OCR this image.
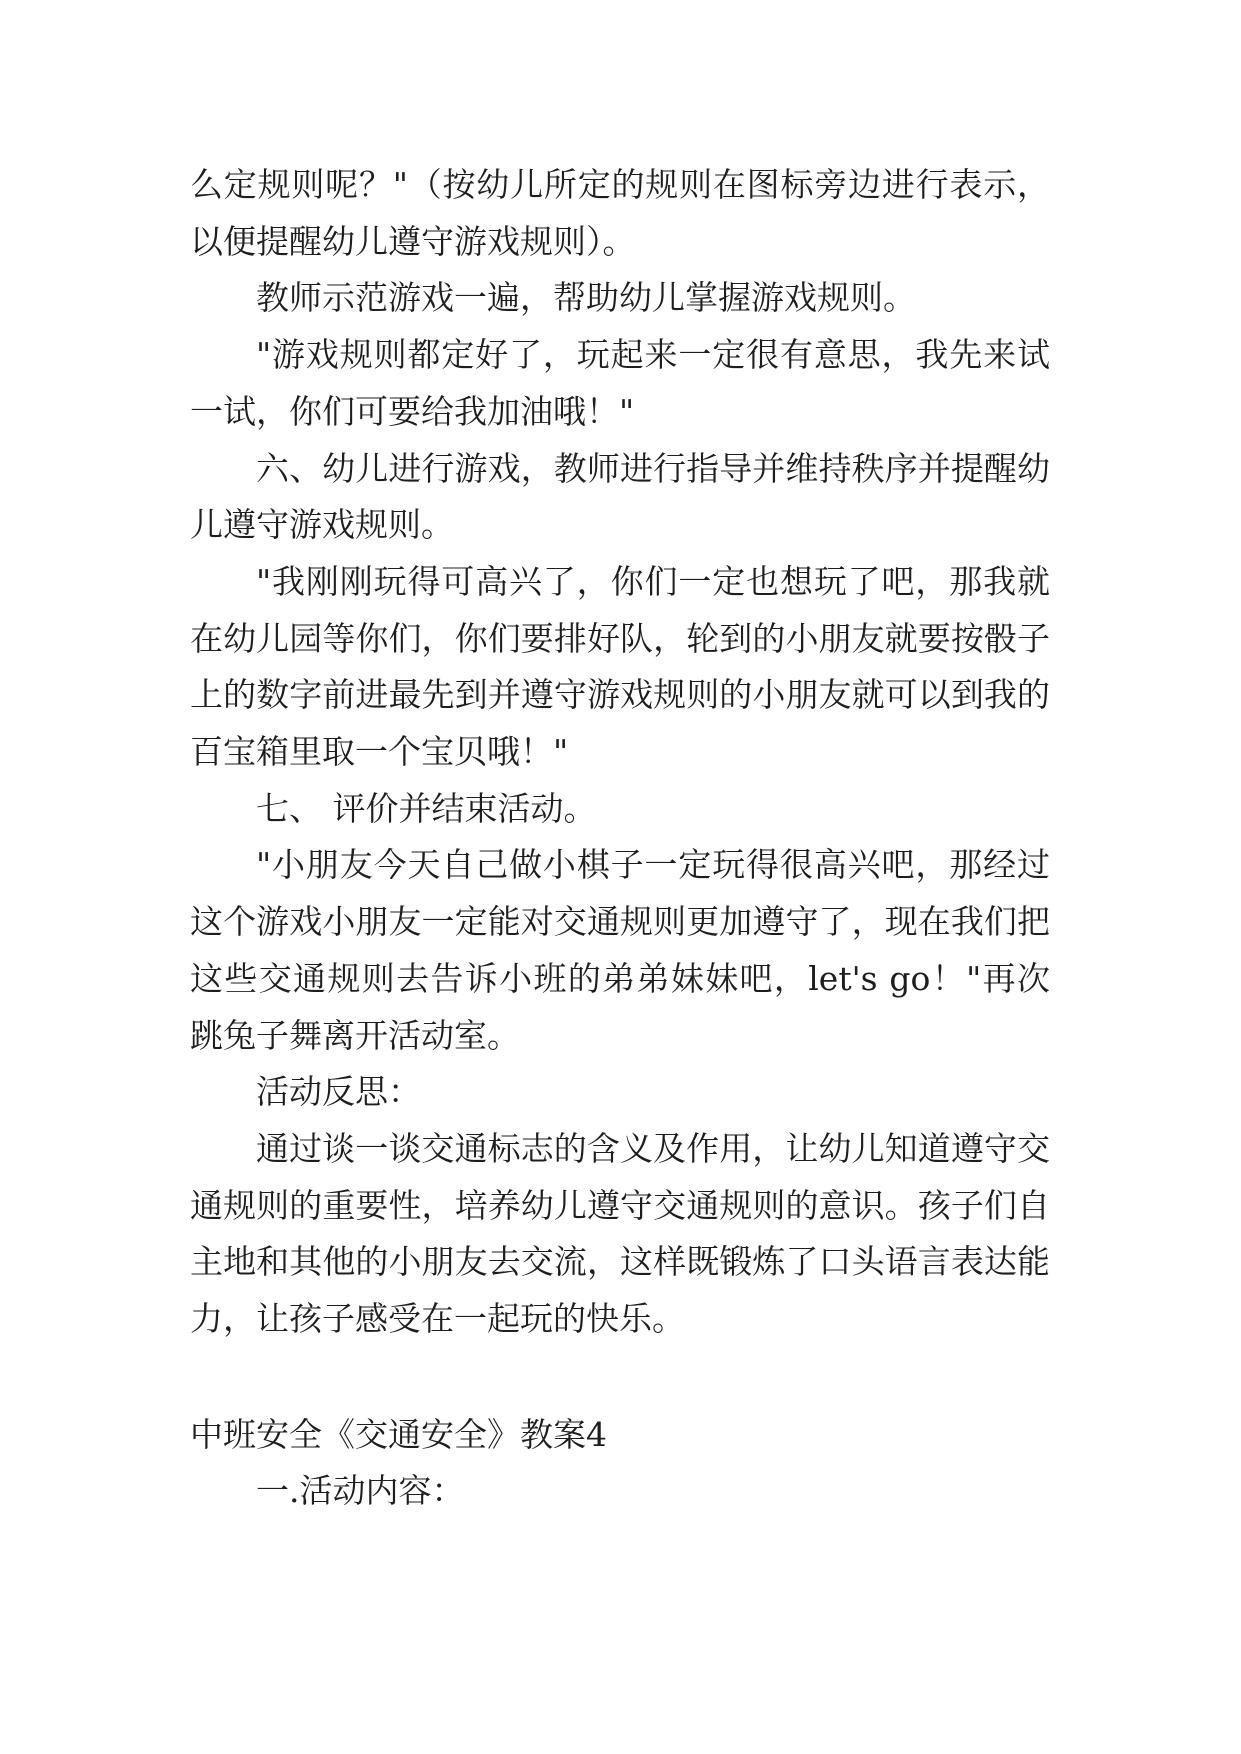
么定规则呢？"（按幼儿所定的规则在图标旁边进行表示，以便提醒幼儿遵守游戏规则）。

教师示范游戏一遍，帮助幼儿掌握游戏规则。

"游戏规则都定好了，玩起来一定很有意思，我先来试一试，你们可要给我加油哦！"

六、幼儿进行游戏，教师进行指导并维持秩序并提醒幼儿遵守游戏规则。

"我刚刚玩得可高兴了，你们一定也想玩了吧，那我就在幼儿园等你们，你们要排好队，轮到的小朋友就要按骰子上的数字前进最先到并遵守游戏规则的小朋友就可以到我的百宝箱里取一个宝贝哦！"

七、 评价并结束活动。

"小朋友今天自己做小棋子一定玩得很高兴吧，那经过这个游戏小朋友一定能对交通规则更加遵守了，现在我们把这些交通规则去告诉小班的弟弟妹妹吧，let's go！"再次跳兔子舞离开活动室。

活动反思：

通过谈一谈交通标志的含义及作用，让幼儿知道遵守交通规则的重要性，培养幼儿遵守交通规则的意识。孩子们自主地和其他的小朋友去交流，这样既锻炼了口头语言表达能力，让孩子感受在一起玩的快乐。

中班安全《交通安全》教案4

一.活动内容：
